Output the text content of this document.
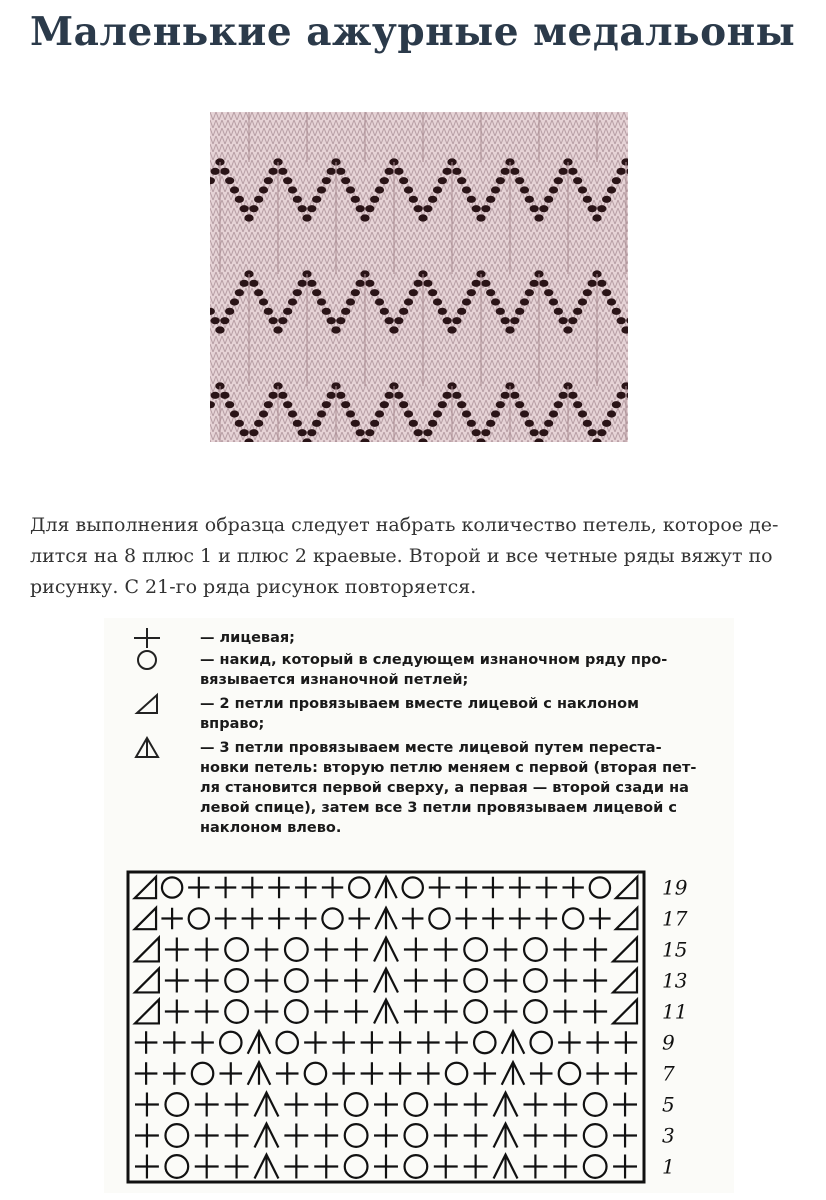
Маленькие ажурные медальоны

Для выполнения образца следует набрать количество петель, которое де-
лится на 8 плюс 1 и плюс 2 краевые. Второй и все четные ряды вяжут по
рисунку. С 21-го ряда рисунок повторяется.

— лицевая;

— накид, который в следующем изнаночном ряду про-
вязывается изнаночной петлей;

— 2 петли провязываем вместе лицевой с наклоном
вправо;

— 3 петли провязываем месте лицевой путем переста-
новки петель: вторую петлю меняем с первой (вторая пет-
ля становится первой сверху, а первая — второй сзади на
левой спице), затем все 3 петли провязываем лицевой с
наклоном влево.

19
17
15
13
11
9
7
5
3
1
